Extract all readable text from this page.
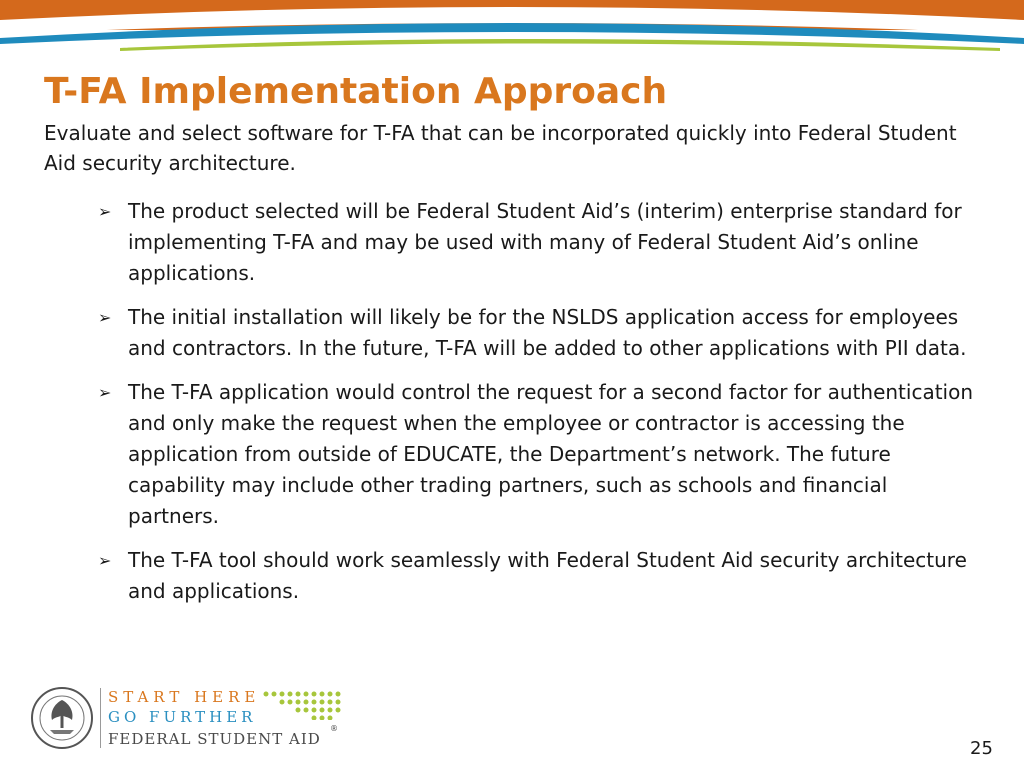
T-FA Implementation Approach

Evaluate and select software for T-FA that can be incorporated quickly into Federal Student Aid security architecture.

➢ The product selected will be Federal Student Aid’s (interim) enterprise standard for implementing T-FA and may be used with many of Federal Student Aid’s online applications.
➢ The initial installation will likely be for the NSLDS application access for employees and contractors. In the future, T-FA will be added to other applications with PII data.
➢ The T-FA application would control the request for a second factor for authentication and only make the request when the employee or contractor is accessing the application from outside of EDUCATE, the Department’s network. The future capability may include other trading partners, such as schools and financial partners.
➢ The T-FA tool should work seamlessly with Federal Student Aid security architecture and applications.
START HERE
GO FURTHER
FEDERAL STUDENT AID
®
25
